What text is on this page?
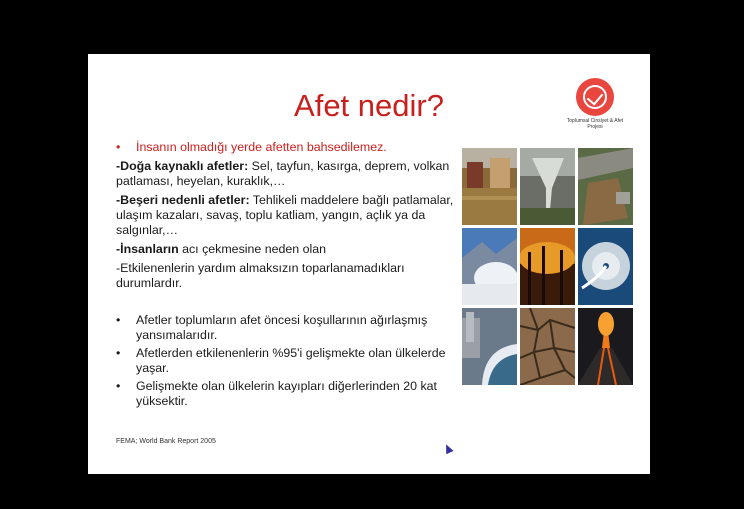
Afet nedir?	Toplumsal Cinsiyet & Afet
Projesi
•	İnsanın olmadığı yerde afetten bahsedilemez.
-Doğa kaynaklı afetler: Sel, tayfun, kasırga, deprem, volkan patlaması, heyelan, kuraklık,…
-Beşeri nedenli afetler: Tehlikeli maddelere bağlı patlamalar, ulaşım kazaları, savaş, toplu katliam, yangın, açlık ya da salgınlar,…
-İnsanların acı çekmesine neden olan
-Etkilenenlerin yardım almaksızın toparlanamadıkları durumlardır.
•	Afetler toplumların afet öncesi koşullarının ağırlaşmış yansımalarıdır.
•	Afetlerden etkilenenlerin %95'i gelişmekte olan ülkelerde yaşar.
•	Gelişmekte olan ülkelerin kayıpları diğerlerinden 20 kat yüksektir.
FEMA; World Bank Report 2005
